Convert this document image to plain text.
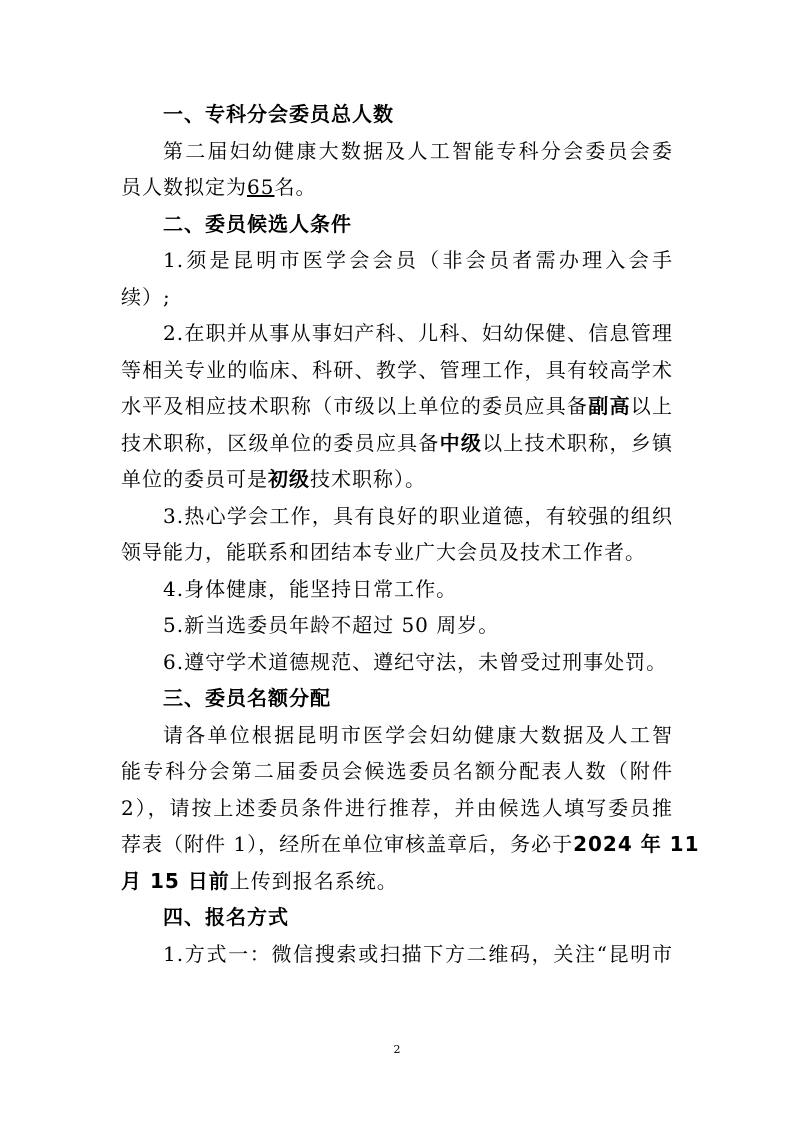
一、专科分会委员总人数
第二届妇幼健康大数据及人工智能专科分会委员会委
员人数拟定为65名。
二、委员候选人条件
1.须是昆明市医学会会员（非会员者需办理入会手
续）;
2.在职并从事从事妇产科、儿科、妇幼保健、信息管理
等相关专业的临床、科研、教学、管理工作，具有较高学术
水平及相应技术职称（市级以上单位的委员应具备副高以上
技术职称，区级单位的委员应具备中级以上技术职称，乡镇
单位的委员可是初级技术职称）。
3.热心学会工作，具有良好的职业道德，有较强的组织
领导能力，能联系和团结本专业广大会员及技术工作者。
4.身体健康，能坚持日常工作。
5.新当选委员年龄不超过 50 周岁。
6.遵守学术道德规范、遵纪守法，未曾受过刑事处罚。
三、委员名额分配
请各单位根据昆明市医学会妇幼健康大数据及人工智
能专科分会第二届委员会候选委员名额分配表人数（附件
2），请按上述委员条件进行推荐，并由候选人填写委员推
荐表（附件 1），经所在单位审核盖章后，务必于2024 年 11
月 15 日前上传到报名系统。
四、报名方式
1.方式一：微信搜索或扫描下方二维码，关注“昆明市
2
